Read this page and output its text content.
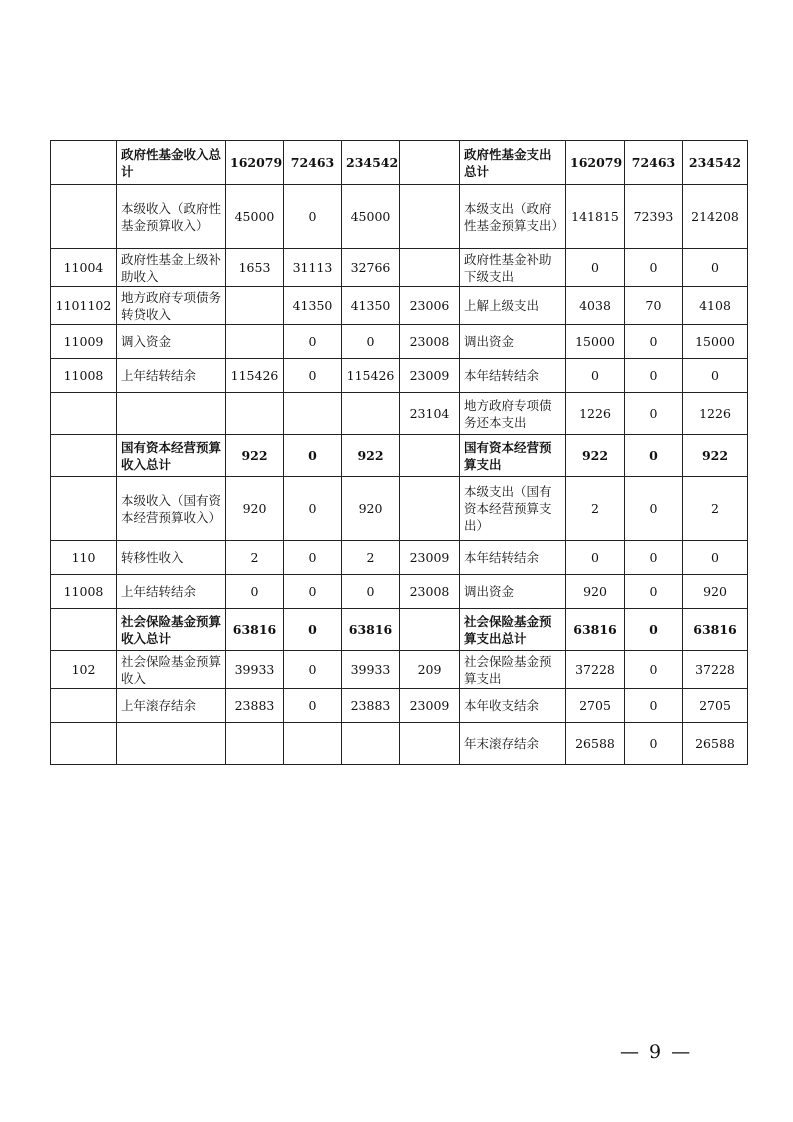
	政府性基金收入总计	162079	72463	234542		政府性基金支出总计	162079	72463	234542
	本级收入（政府性基金预算收入）	45000	0	45000		本级支出（政府性基金预算支出）	141815	72393	214208
11004	政府性基金上级补助收入	1653	31113	32766		政府性基金补助下级支出	0	0	0
1101102	地方政府专项债务转贷收入		41350	41350	23006	上解上级支出	4038	70	4108
11009	调入资金		0	0	23008	调出资金	15000	0	15000
11008	上年结转结余	115426	0	115426	23009	本年结转结余	0	0	0
					23104	地方政府专项债务还本支出	1226	0	1226
	国有资本经营预算收入总计	922	0	922		国有资本经营预算支出	922	0	922
	本级收入（国有资本经营预算收入）	920	0	920		本级支出（国有资本经营预算支出）	2	0	2
110	转移性收入	2	0	2	23009	本年结转结余	0	0	0
11008	上年结转结余	0	0	0	23008	调出资金	920	0	920
	社会保险基金预算收入总计	63816	0	63816		社会保险基金预算支出总计	63816	0	63816
102	社会保险基金预算收入	39933	0	39933	209	社会保险基金预算支出	37228	0	37228
	上年滚存结余	23883	0	23883	23009	本年收支结余	2705	0	2705
						年末滚存结余	26588	0	26588
— 9 —
